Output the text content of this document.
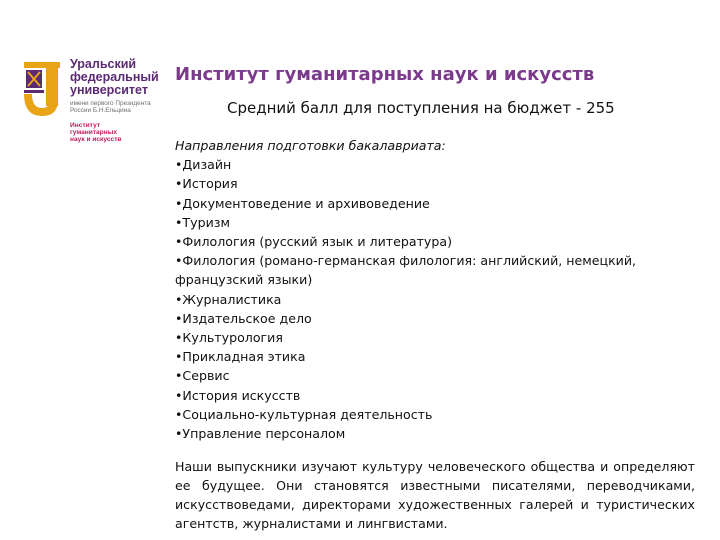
Уральский
федеральный
университет
имени первого Президента
России Б.Н.Ельцина
Институт
гуманитарных
наук и искусств
Институт гуманитарных наук и искусств
Средний балл для поступления на бюджет - 255
Направления подготовки бакалавриата:
•Дизайн
•История
•Документоведение и архивоведение
•Туризм
•Филология (русский язык и литература)
•Филология (романо-германская филология: английский, немецкий, французский языки)
•Журналистика
•Издательское дело
•Культурология
•Прикладная этика
•Сервис
•История искусств
•Социально-культурная деятельность
•Управление персоналом
Наши выпускники изучают культуру человеческого общества и определяют ее будущее. Они становятся известными писателями, переводчиками, искусствоведами, директорами художественных галерей и туристических агентств, журналистами и лингвистами.
